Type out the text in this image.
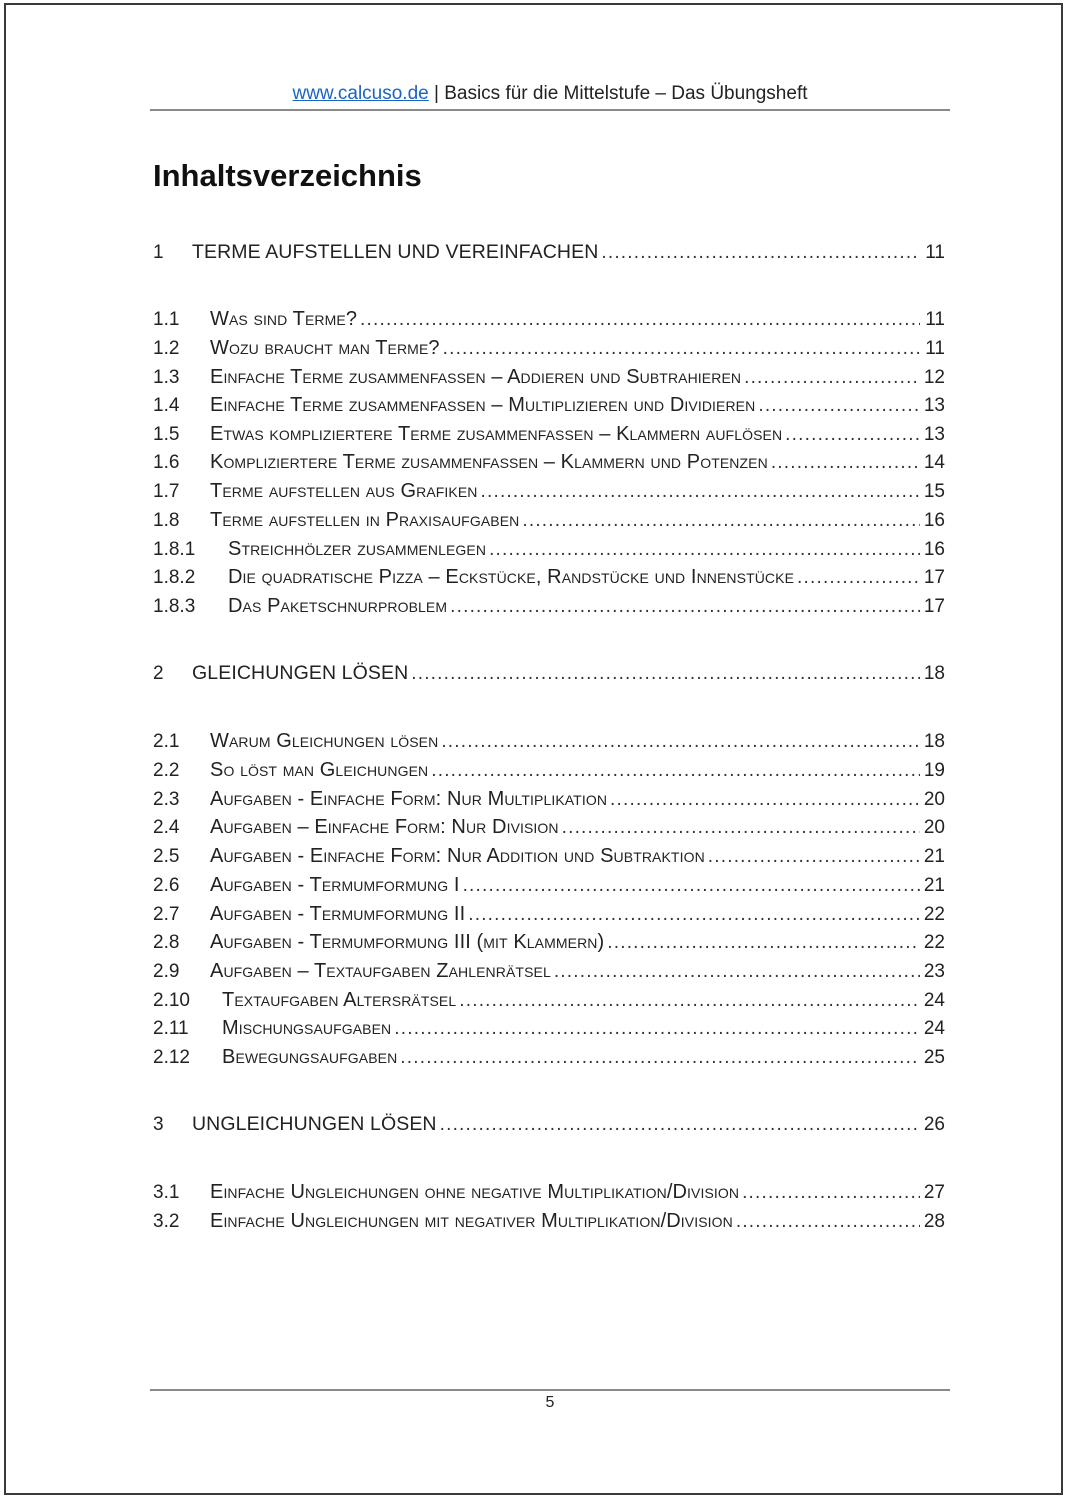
www.calcuso.de | Basics für die Mittelstufe – Das Übungsheft
Inhaltsverzeichnis
1	TERME AUFSTELLEN UND VEREINFACHEN .....	11
1.1	Was sind Terme? .....	11
1.2	Wozu braucht man Terme? .....	11
1.3	Einfache Terme zusammenfassen – Addieren und Subtrahieren .....	12
1.4	Einfache Terme zusammenfassen – Multiplizieren und Dividieren .....	13
1.5	Etwas kompliziertere Terme zusammenfassen – Klammern auflösen .....	13
1.6	Kompliziertere Terme zusammenfassen – Klammern und Potenzen .....	14
1.7	Terme aufstellen aus Grafiken .....	15
1.8	Terme aufstellen in Praxisaufgaben .....	16
1.8.1	Streichhölzer zusammenlegen .....	16
1.8.2	Die quadratische Pizza – Eckstücke, Randstücke und Innenstücke .....	17
1.8.3	Das Paketschnurproblem .....	17
2	GLEICHUNGEN LÖSEN .....	18
2.1	Warum Gleichungen lösen .....	18
2.2	So löst man Gleichungen .....	19
2.3	Aufgaben - Einfache Form: Nur Multiplikation .....	20
2.4	Aufgaben – Einfache Form: Nur Division .....	20
2.5	Aufgaben - Einfache Form: Nur Addition und Subtraktion .....	21
2.6	Aufgaben - Termumformung I .....	21
2.7	Aufgaben - Termumformung II .....	22
2.8	Aufgaben - Termumformung III (mit Klammern) .....	22
2.9	Aufgaben – Textaufgaben Zahlenrätsel .....	23
2.10	Textaufgaben Altersrätsel .....	24
2.11	Mischungsaufgaben .....	24
2.12	Bewegungsaufgaben .....	25
3	UNGLEICHUNGEN LÖSEN .....	26
3.1	Einfache Ungleichungen ohne negative Multiplikation/Division .....	27
3.2	Einfache Ungleichungen mit negativer Multiplikation/Division .....	28
5
